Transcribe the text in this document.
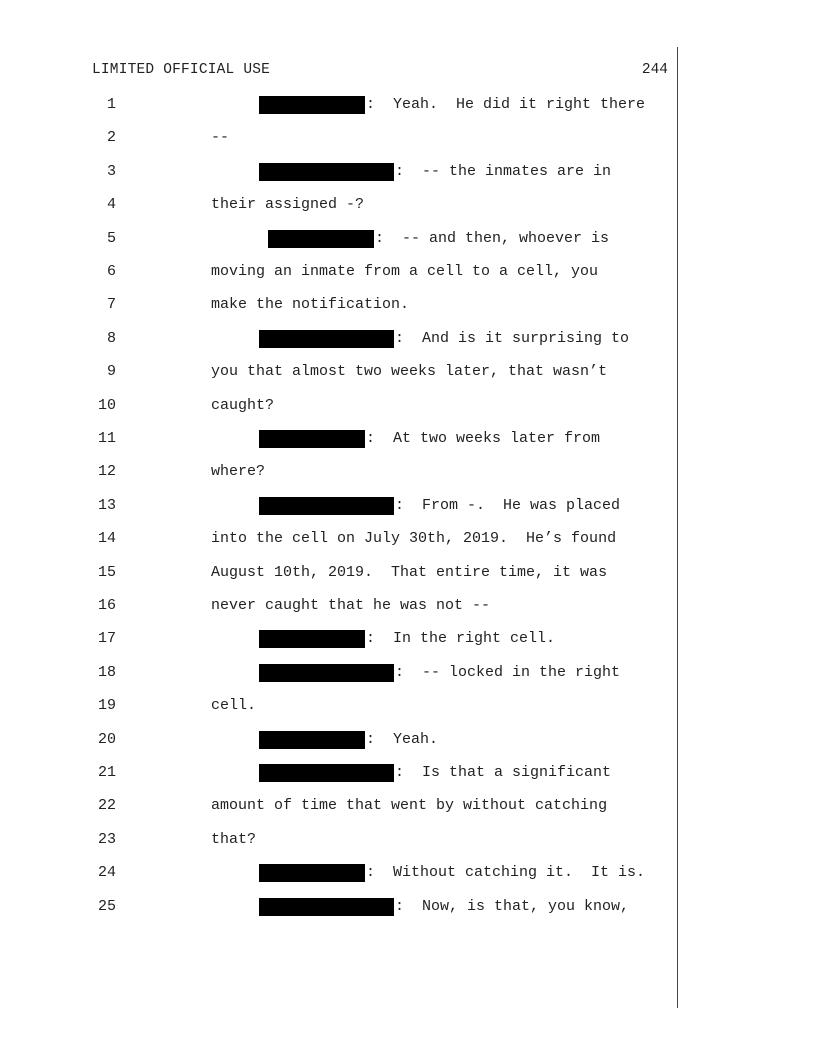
LIMITED OFFICIAL USE	244
1	:  Yeah.  He did it right there
2	--
3	:  -- the inmates are in
4	their assigned -?
5	:  -- and then, whoever is
6	moving an inmate from a cell to a cell, you
7	make the notification.
8	:  And is it surprising to
9	you that almost two weeks later, that wasn’t
10	caught?
11	:  At two weeks later from
12	where?
13	:  From -.  He was placed
14	into the cell on July 30th, 2019.  He’s found
15	August 10th, 2019.  That entire time, it was
16	never caught that he was not --
17	:  In the right cell.
18	:  -- locked in the right
19	cell.
20	:  Yeah.
21	:  Is that a significant
22	amount of time that went by without catching
23	that?
24	:  Without catching it.  It is.
25	:  Now, is that, you know,
